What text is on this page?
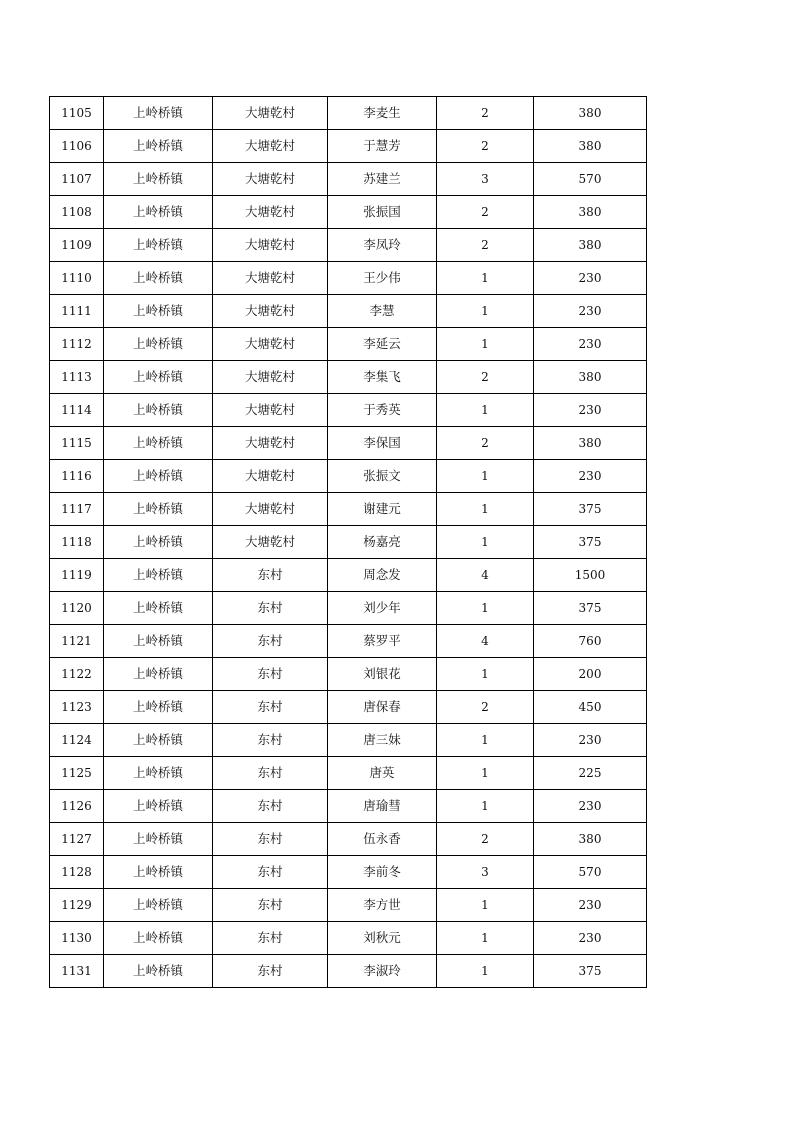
1105	上岭桥镇	大塘乾村	李麦生	2	380
1106	上岭桥镇	大塘乾村	于慧芳	2	380
1107	上岭桥镇	大塘乾村	苏建兰	3	570
1108	上岭桥镇	大塘乾村	张振国	2	380
1109	上岭桥镇	大塘乾村	李凤玲	2	380
1110	上岭桥镇	大塘乾村	王少伟	1	230
1111	上岭桥镇	大塘乾村	李慧	1	230
1112	上岭桥镇	大塘乾村	李延云	1	230
1113	上岭桥镇	大塘乾村	李集飞	2	380
1114	上岭桥镇	大塘乾村	于秀英	1	230
1115	上岭桥镇	大塘乾村	李保国	2	380
1116	上岭桥镇	大塘乾村	张振文	1	230
1117	上岭桥镇	大塘乾村	谢建元	1	375
1118	上岭桥镇	大塘乾村	杨嘉亮	1	375
1119	上岭桥镇	东村	周念发	4	1500
1120	上岭桥镇	东村	刘少年	1	375
1121	上岭桥镇	东村	蔡罗平	4	760
1122	上岭桥镇	东村	刘银花	1	200
1123	上岭桥镇	东村	唐保春	2	450
1124	上岭桥镇	东村	唐三妹	1	230
1125	上岭桥镇	东村	唐英	1	225
1126	上岭桥镇	东村	唐瑜彗	1	230
1127	上岭桥镇	东村	伍永香	2	380
1128	上岭桥镇	东村	李前冬	3	570
1129	上岭桥镇	东村	李方世	1	230
1130	上岭桥镇	东村	刘秋元	1	230
1131	上岭桥镇	东村	李淑玲	1	375
